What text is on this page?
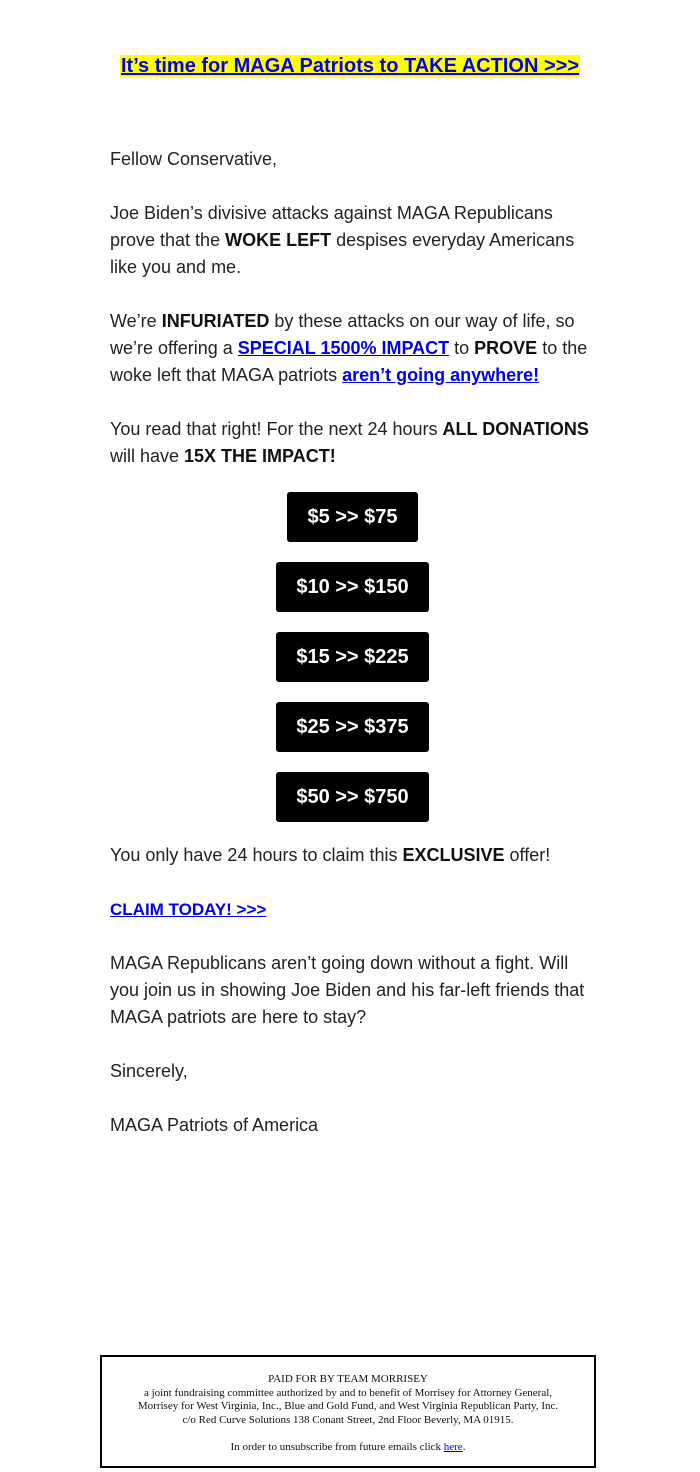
It’s time for MAGA Patriots to TAKE ACTION >>>

Fellow Conservative,

Joe Biden’s divisive attacks against MAGA Republicans prove that the WOKE LEFT despises everyday Americans like you and me.

We’re INFURIATED by these attacks on our way of life, so we’re offering a SPECIAL 1500% IMPACT to PROVE to the woke left that MAGA patriots aren’t going anywhere!

You read that right! For the next 24 hours ALL DONATIONS will have 15X THE IMPACT!

$5 >> $75
$10 >> $150
$15 >> $225
$25 >> $375
$50 >> $750

You only have 24 hours to claim this EXCLUSIVE offer!

CLAIM TODAY! >>>

MAGA Republicans aren’t going down without a fight. Will you join us in showing Joe Biden and his far-left friends that MAGA patriots are here to stay?

Sincerely,

MAGA Patriots of America

PAID FOR BY TEAM MORRISEY
a joint fundraising committee authorized by and to benefit of Morrisey for Attorney General,
Morrisey for West Virginia, Inc., Blue and Gold Fund, and West Virginia Republican Party, Inc.
c/o Red Curve Solutions 138 Conant Street, 2nd Floor Beverly, MA 01915.
In order to unsubscribe from future emails click here.
